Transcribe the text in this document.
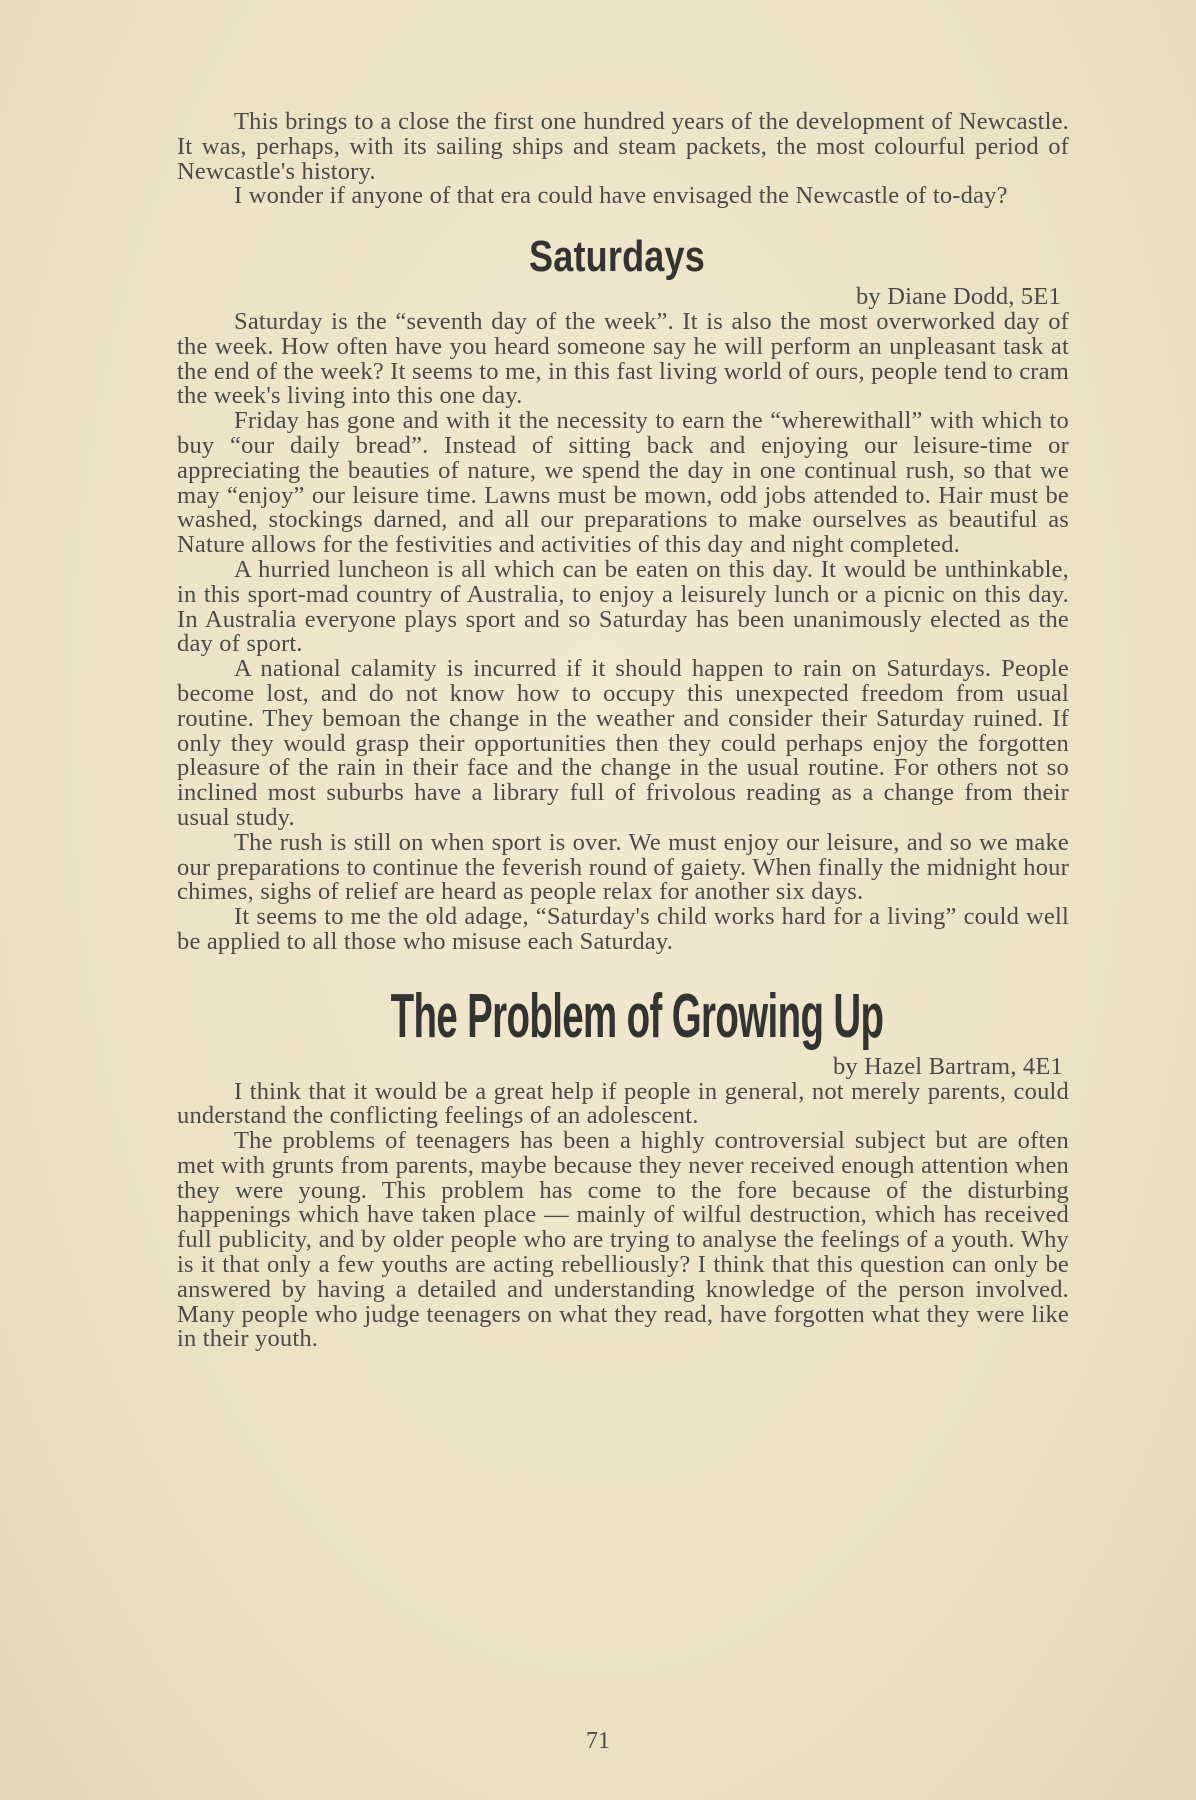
This brings to a close the first one hundred years of the development of Newcastle. It was, perhaps, with its sailing ships and steam packets, the most colourful period of Newcastle's history.

I wonder if anyone of that era could have envisaged the Newcastle of to-day?

Saturdays

by Diane Dodd, 5E1

Saturday is the “seventh day of the week”. It is also the most overworked day of the week. How often have you heard someone say he will perform an unpleasant task at the end of the week? It seems to me, in this fast living world of ours, people tend to cram the week's living into this one day.

Friday has gone and with it the necessity to earn the “wherewithall” with which to buy “our daily bread”. Instead of sitting back and enjoying our leisure-time or appreciating the beauties of nature, we spend the day in one continual rush, so that we may “enjoy” our leisure time. Lawns must be mown, odd jobs attended to. Hair must be washed, stockings darned, and all our preparations to make ourselves as beautiful as Nature allows for the festivities and activities of this day and night completed.

A hurried luncheon is all which can be eaten on this day. It would be unthinkable, in this sport-mad country of Australia, to enjoy a leisurely lunch or a picnic on this day. In Australia everyone plays sport and so Saturday has been unanimously elected as the day of sport.

A national calamity is incurred if it should happen to rain on Saturdays. People become lost, and do not know how to occupy this unexpected freedom from usual routine. They bemoan the change in the weather and consider their Saturday ruined. If only they would grasp their opportunities then they could perhaps enjoy the forgotten pleasure of the rain in their face and the change in the usual routine. For others not so inclined most suburbs have a library full of frivolous reading as a change from their usual study.

The rush is still on when sport is over. We must enjoy our leisure, and so we make our preparations to continue the feverish round of gaiety. When finally the midnight hour chimes, sighs of relief are heard as people relax for another six days.

It seems to me the old adage, “Saturday's child works hard for a living” could well be applied to all those who misuse each Saturday.

The Problem of Growing Up

by Hazel Bartram, 4E1

I think that it would be a great help if people in general, not merely parents, could understand the conflicting feelings of an adolescent.

The problems of teenagers has been a highly controversial subject but are often met with grunts from parents, maybe because they never received enough attention when they were young. This problem has come to the fore because of the disturbing happenings which have taken place — mainly of wilful destruction, which has received full publicity, and by older people who are trying to analyse the feelings of a youth. Why is it that only a few youths are acting rebelliously? I think that this question can only be answered by having a detailed and understanding knowledge of the person involved. Many people who judge teenagers on what they read, have forgotten what they were like in their youth.

71
